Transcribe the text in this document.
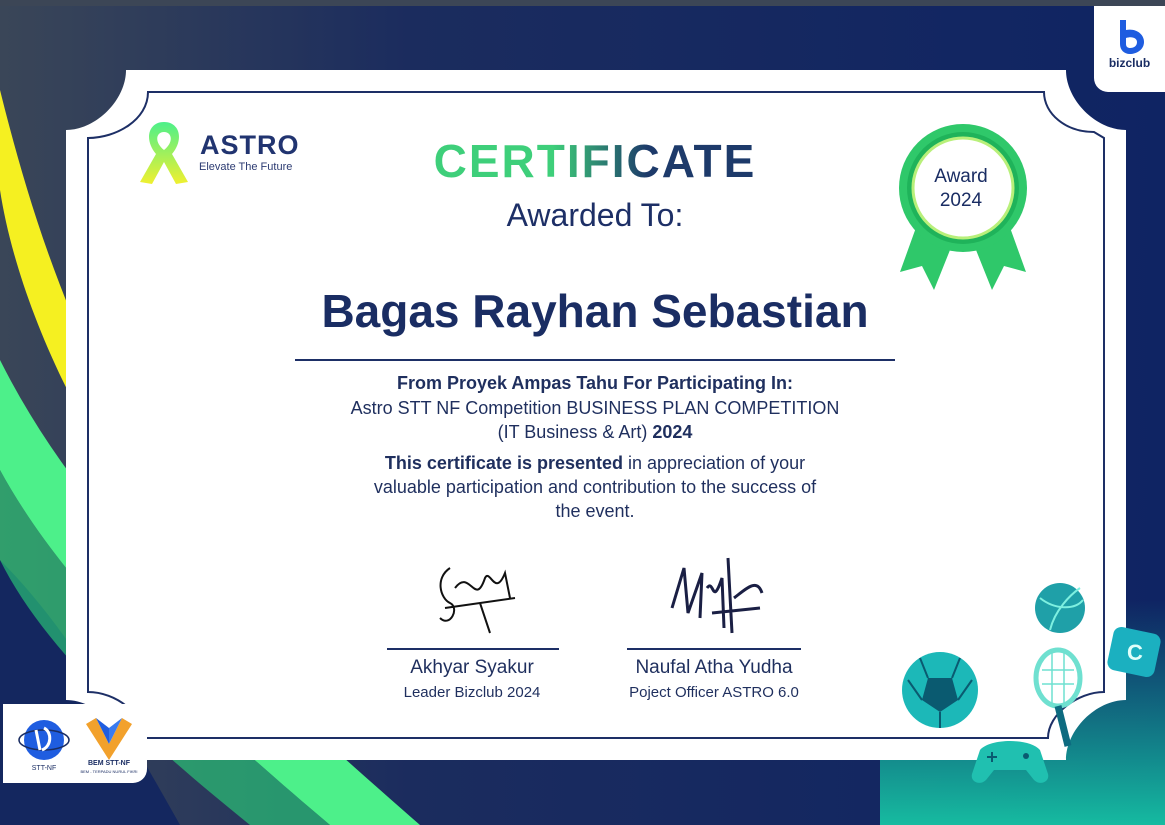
ASTRO
Elevate The Future	CERTIFICATE
Awarded To:
Bagas Rayhan Sebastian
From Proyek Ampas Tahu For Participating In:
Astro STT NF Competition BUSINESS PLAN COMPETITION
(IT Business & Art) 2024
This certificate is presented in appreciation of your
valuable participation and contribution to the success of
the event.
Award
2024
Akhyar Syakur
Leader Bizclub 2024
Naufal Atha Yudha
Poject Officer ASTRO 6.0
bizclub
STT-NF
BEM STT-NF
BEM - TERPADU NURUL FIKRI
C
